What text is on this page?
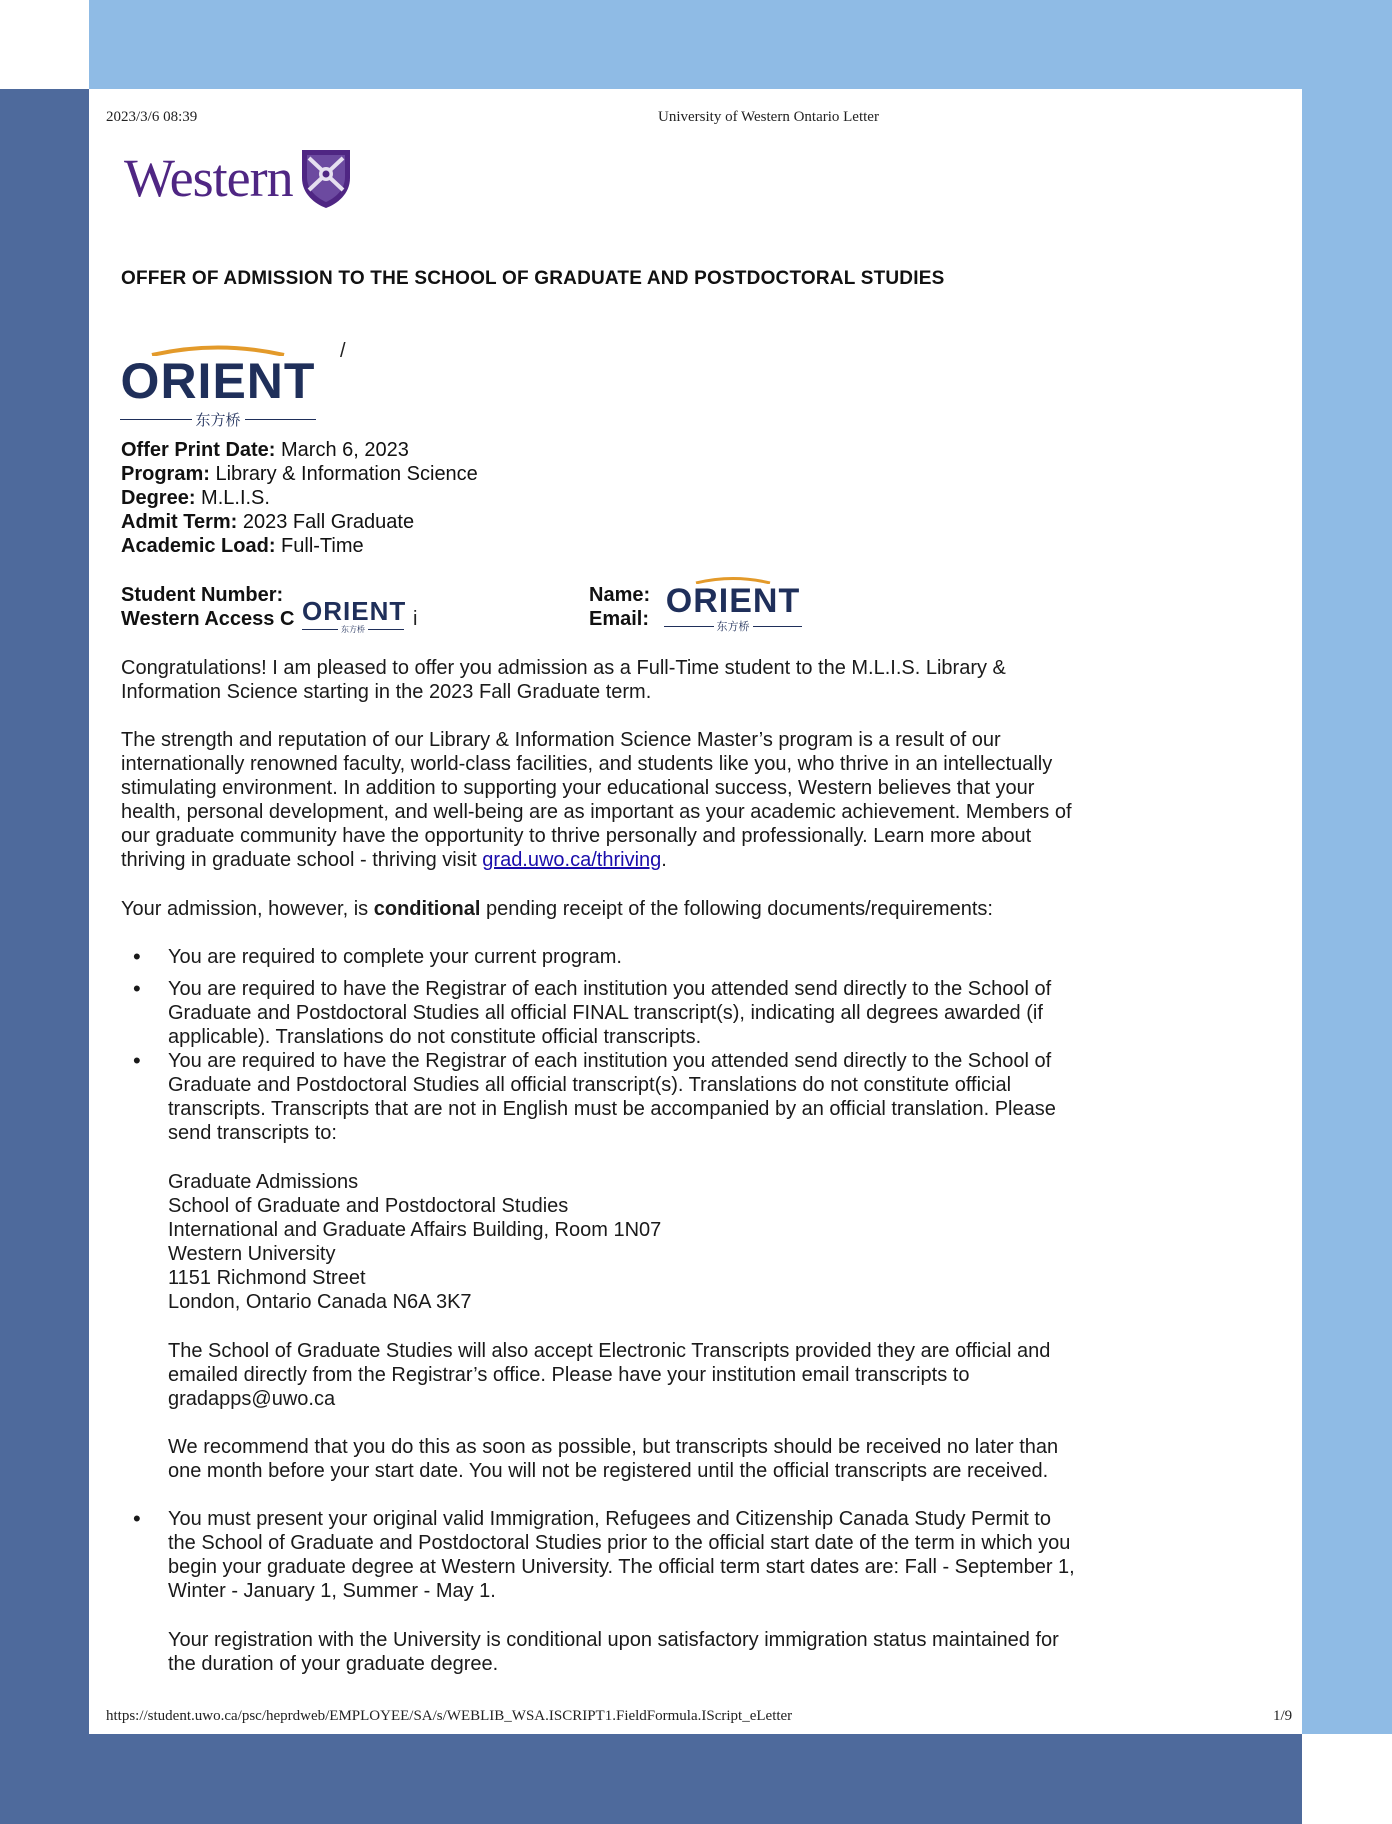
2023/3/6 08:39	University of Western Ontario Letter
Western
OFFER OF ADMISSION TO THE SCHOOL OF GRADUATE AND POSTDOCTORAL STUDIES
ORIENT
东方桥
/
Offer Print Date: March 6, 2023
Program: Library & Information Science
Degree: M.L.I.S.
Admit Term: 2023 Fall Graduate
Academic Load: Full-Time
Student Number:
Western Access C ORIENT
东方桥 i
Name:
Email: ORIENT
东方桥

Congratulations! I am pleased to offer you admission as a Full-Time student to the M.L.I.S. Library & Information Science starting in the 2023 Fall Graduate term.

The strength and reputation of our Library & Information Science Master’s program is a result of our internationally renowned faculty, world-class facilities, and students like you, who thrive in an intellectually stimulating environment. In addition to supporting your educational success, Western believes that your health, personal development, and well-being are as important as your academic achievement. Members of our graduate community have the opportunity to thrive personally and professionally. Learn more about thriving in graduate school - thriving visit grad.uwo.ca/thriving.

Your admission, however, is conditional pending receipt of the following documents/requirements:

• You are required to complete your current program.
• You are required to have the Registrar of each institution you attended send directly to the School of Graduate and Postdoctoral Studies all official FINAL transcript(s), indicating all degrees awarded (if applicable). Translations do not constitute official transcripts.
• You are required to have the Registrar of each institution you attended send directly to the School of Graduate and Postdoctoral Studies all official transcript(s). Translations do not constitute official transcripts. Transcripts that are not in English must be accompanied by an official translation. Please send transcripts to:
Graduate Admissions
School of Graduate and Postdoctoral Studies
International and Graduate Affairs Building, Room 1N07
Western University
1151 Richmond Street
London, Ontario Canada N6A 3K7
The School of Graduate Studies will also accept Electronic Transcripts provided they are official and emailed directly from the Registrar’s office. Please have your institution email transcripts to gradapps@uwo.ca
We recommend that you do this as soon as possible, but transcripts should be received no later than one month before your start date. You will not be registered until the official transcripts are received.
• You must present your original valid Immigration, Refugees and Citizenship Canada Study Permit to the School of Graduate and Postdoctoral Studies prior to the official start date of the term in which you begin your graduate degree at Western University. The official term start dates are: Fall - September 1, Winter - January 1, Summer - May 1.
Your registration with the University is conditional upon satisfactory immigration status maintained for the duration of your graduate degree.
https://student.uwo.ca/psc/heprdweb/EMPLOYEE/SA/s/WEBLIB_WSA.ISCRIPT1.FieldFormula.IScript_eLetter	1/9
